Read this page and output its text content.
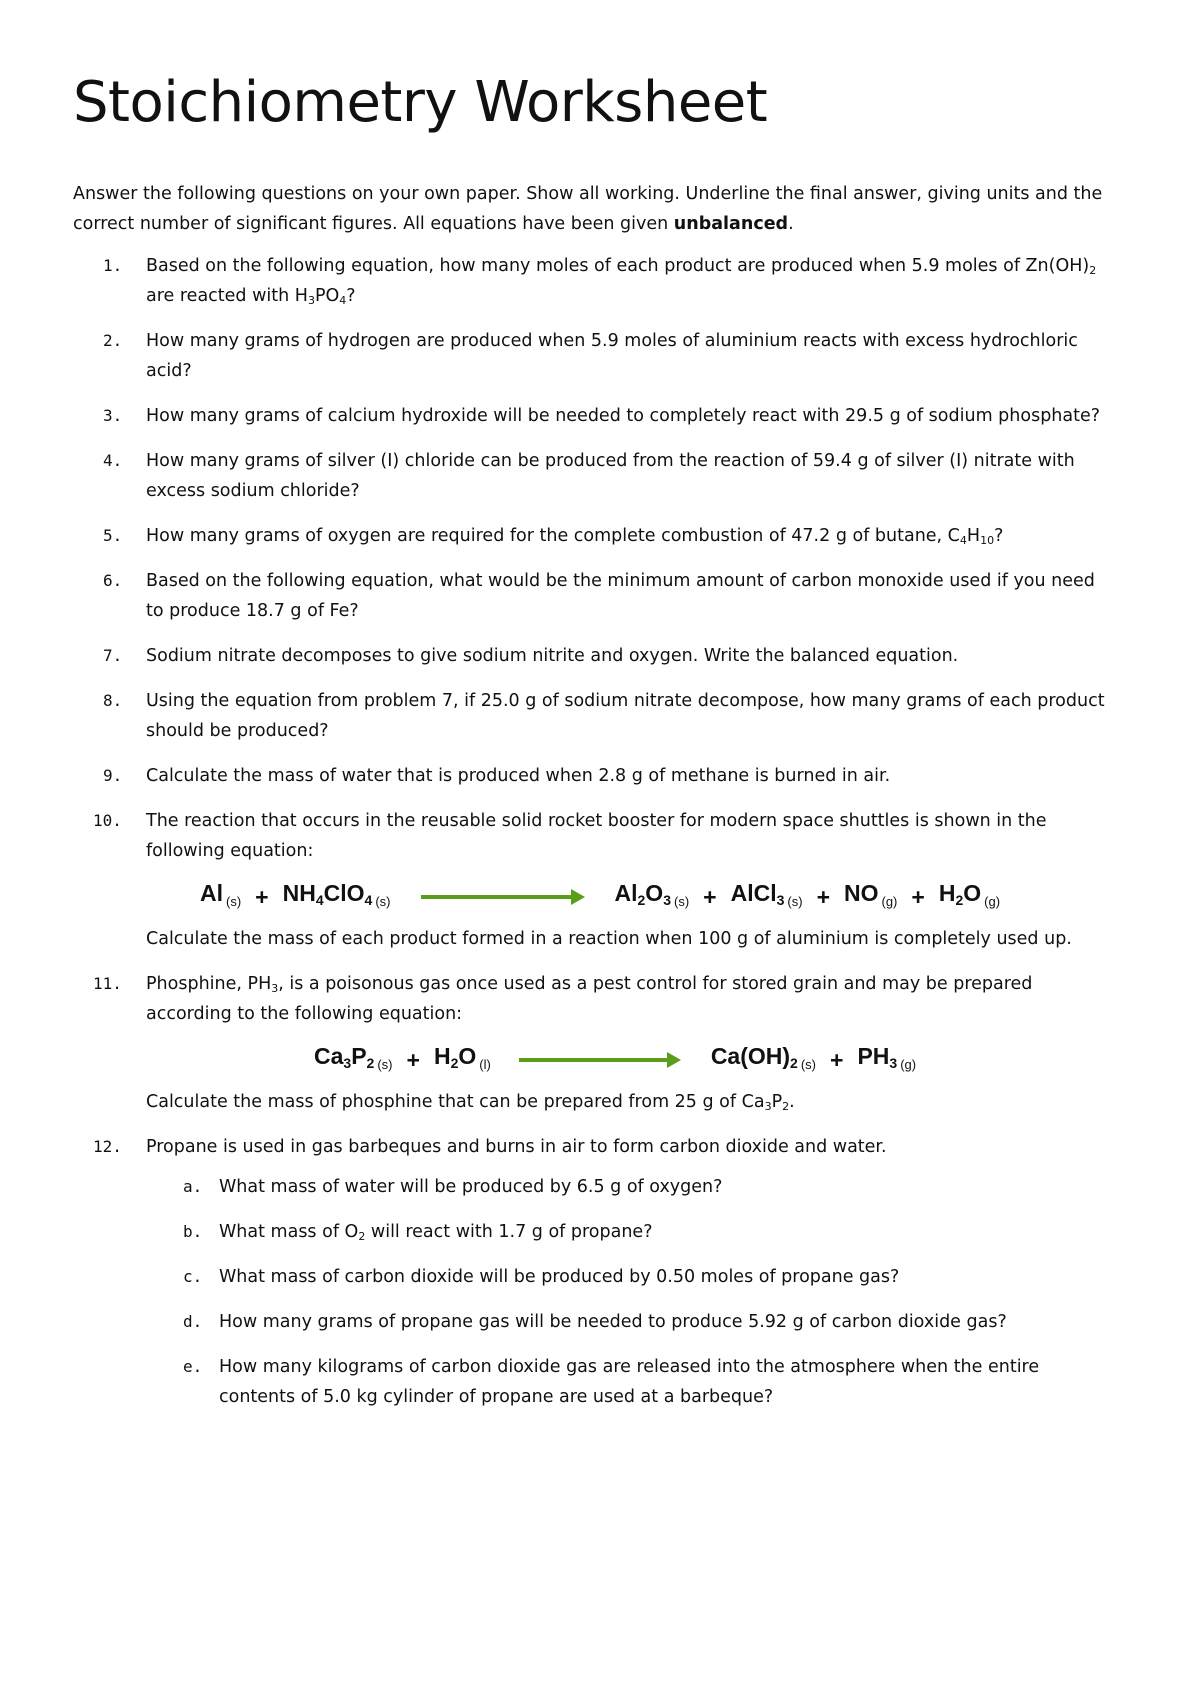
Stoichiometry Worksheet

Answer the following questions on your own paper. Show all working. Underline the final answer, giving units and the correct number of significant figures. All equations have been given unbalanced.

1. Based on the following equation, how many moles of each product are produced when 5.9 moles of $Zn(OH)_2$ are reacted with $H_3PO_4$?
2. How many grams of hydrogen are produced when 5.9 moles of aluminium reacts with excess hydrochloric acid?
3. How many grams of calcium hydroxide will be needed to completely react with 29.5 g of sodium phosphate?
4. How many grams of silver (I) chloride can be produced from the reaction of 59.4 g of silver (I) nitrate with excess sodium chloride?
5. How many grams of oxygen are required for the complete combustion of 47.2 g of butane, $C_4H_{10}$?
6. Based on the following equation, what would be the minimum amount of carbon monoxide used if you need to produce 18.7 g of Fe?
7. Sodium nitrate decomposes to give sodium nitrite and oxygen. Write the balanced equation.
8. Using the equation from problem 7, if 25.0 g of sodium nitrate decompose, how many grams of each product should be produced?
9. Calculate the mass of water that is produced when 2.8 g of methane is burned in air.
10. The reaction that occurs in the reusable solid rocket booster for modern space shuttles is shown in the following equation:
Al $_{(s)} + NH_4ClO_4$ $_{(s)}$	$Al_2O_3$ $_{(s)}$ + AlCl$_3$ $_{(s)}$ + NO $_{(g)} + H_2O$ $_{(g)}$
Calculate the mass of each product formed in a reaction when 100 g of aluminium is completely used up.
11. Phosphine, $PH_3$, is a poisonous gas once used as a pest control for stored grain and may be prepared according to the following equation:
$Ca_3P_2$ $_{(s)} + H_2O$ $_{(l)}$	$Ca(OH)_2$ $_{(s)} + PH_3$ $_{(g)}$
Calculate the mass of phosphine that can be prepared from 25 g of $Ca_3P_2$.
12. Propane is used in gas barbeques and burns in air to form carbon dioxide and water.
a. What mass of water will be produced by 6.5 g of oxygen?
b. What mass of $O_2$ will react with 1.7 g of propane?
c. What mass of carbon dioxide will be produced by 0.50 moles of propane gas?
d. How many grams of propane gas will be needed to produce 5.92 g of carbon dioxide gas?
e. How many kilograms of carbon dioxide gas are released into the atmosphere when the entire contents of 5.0 kg cylinder of propane are used at a barbeque?
